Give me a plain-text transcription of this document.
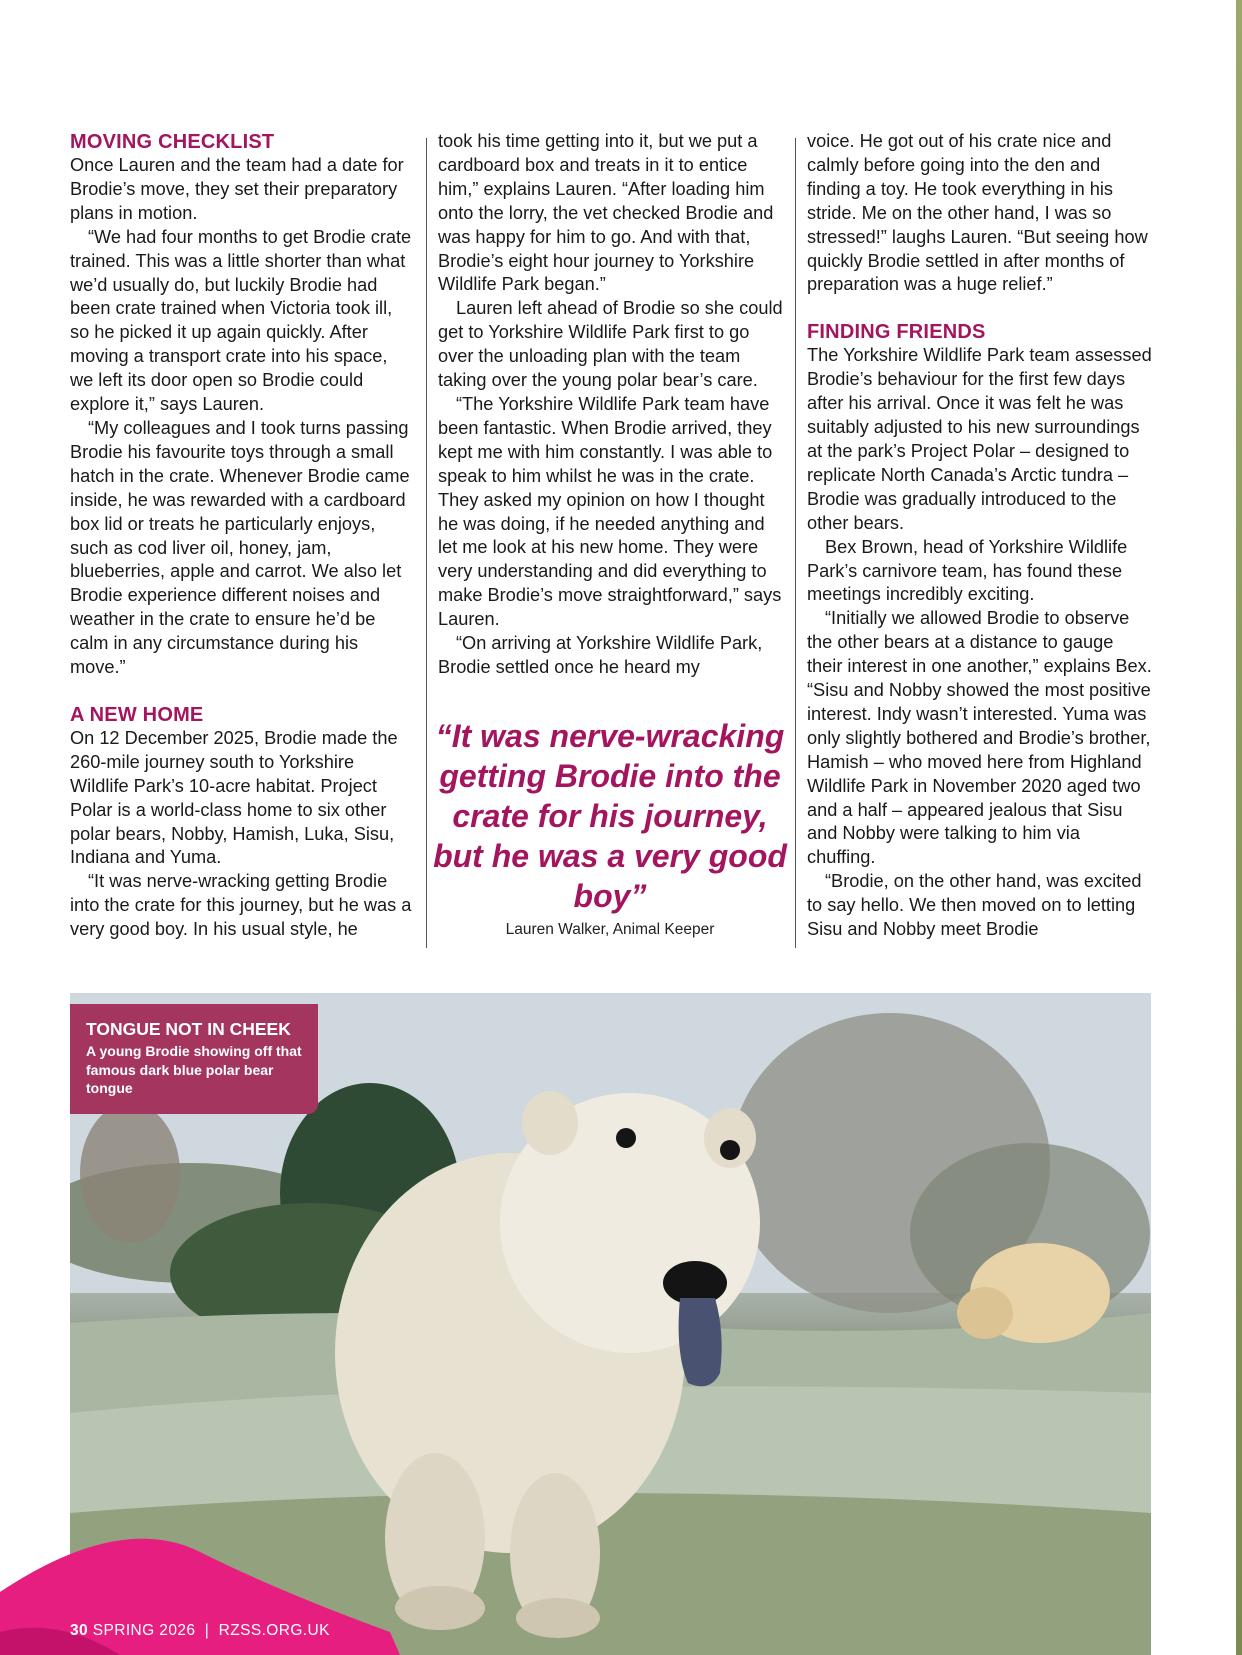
MOVING CHECKLIST

Once Lauren and the team had a date for Brodie’s move, they set their preparatory plans in motion.

“We had four months to get Brodie crate trained. This was a little shorter than what we’d usually do, but luckily Brodie had been crate trained when Victoria took ill, so he picked it up again quickly. After moving a transport crate into his space, we left its door open so Brodie could explore it,” says Lauren.

“My colleagues and I took turns passing Brodie his favourite toys through a small hatch in the crate. Whenever Brodie came inside, he was rewarded with a cardboard box lid or treats he particularly enjoys, such as cod liver oil, honey, jam, blueberries, apple and carrot. We also let Brodie experience different noises and weather in the crate to ensure he’d be calm in any circumstance during his move.”

A NEW HOME

On 12 December 2025, Brodie made the 260-mile journey south to Yorkshire Wildlife Park’s 10-acre habitat. Project Polar is a world-class home to six other polar bears, Nobby, Hamish, Luka, Sisu, Indiana and Yuma.

“It was nerve-wracking getting Brodie into the crate for this journey, but he was a very good boy. In his usual style, he

took his time getting into it, but we put a cardboard box and treats in it to entice him,” explains Lauren. “After loading him onto the lorry, the vet checked Brodie and was happy for him to go. And with that, Brodie’s eight hour journey to Yorkshire Wildlife Park began.”

Lauren left ahead of Brodie so she could get to Yorkshire Wildlife Park first to go over the unloading plan with the team taking over the young polar bear’s care.

“The Yorkshire Wildlife Park team have been fantastic. When Brodie arrived, they kept me with him constantly. I was able to speak to him whilst he was in the crate. They asked my opinion on how I thought he was doing, if he needed anything and let me look at his new home. They were very understanding and did everything to make Brodie’s move straightforward,” says Lauren.

“On arriving at Yorkshire Wildlife Park, Brodie settled once he heard my

“It was nerve-wracking getting Brodie into the crate for his journey, but he was a very good boy”
Lauren Walker, Animal Keeper

voice. He got out of his crate nice and calmly before going into the den and finding a toy. He took everything in his stride. Me on the other hand, I was so stressed!” laughs Lauren. “But seeing how quickly Brodie settled in after months of preparation was a huge relief.”

FINDING FRIENDS

The Yorkshire Wildlife Park team assessed Brodie’s behaviour for the first few days after his arrival. Once it was felt he was suitably adjusted to his new surroundings at the park’s Project Polar – designed to replicate North Canada’s Arctic tundra – Brodie was gradually introduced to the other bears.

Bex Brown, head of Yorkshire Wildlife Park’s carnivore team, has found these meetings incredibly exciting.

“Initially we allowed Brodie to observe the other bears at a distance to gauge their interest in one another,” explains Bex. “Sisu and Nobby showed the most positive interest. Indy wasn’t interested. Yuma was only slightly bothered and Brodie’s brother, Hamish – who moved here from Highland Wildlife Park in November 2020 aged two and a half – appeared jealous that Sisu and Nobby were talking to him via chuffing.

“Brodie, on the other hand, was excited to say hello. We then moved on to letting Sisu and Nobby meet Brodie

TONGUE NOT IN CHEEK
A young Brodie showing off that famous dark blue polar bear tongue
30 SPRING 2026  |  RZSS.ORG.UK
